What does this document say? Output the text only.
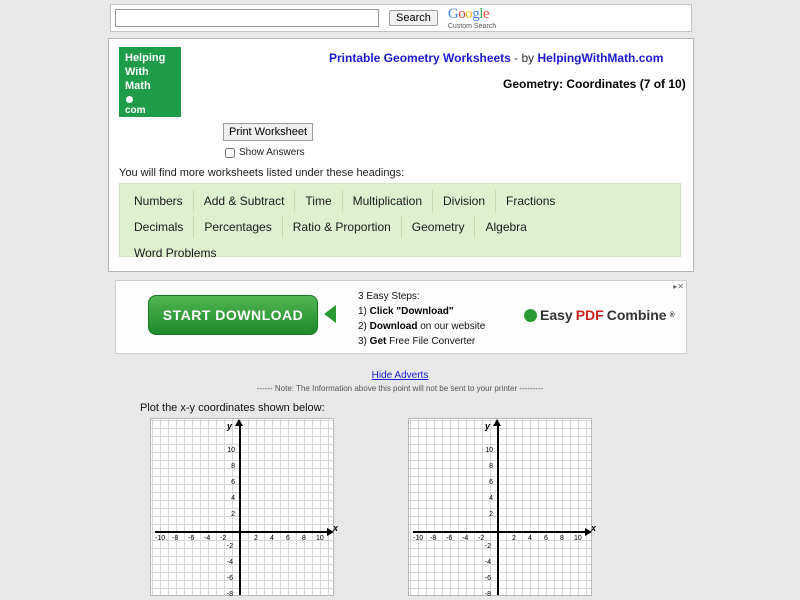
Search	Google
Custom Search
Helping
With
Math
com
Printable Geometry Worksheets - by HelpingWithMath.com
Geometry: Coordinates (7 of 10)
Print Worksheet
Show Answers
You will find more worksheets listed under these headings:
Numbers Add & Subtract Time Multiplication Division Fractions
Decimals Percentages Ratio & Proportion Geometry Algebra
Word Problems
▸✕
START DOWNLOAD
3 Easy Steps:
1) Click "Download"
2) Download on our website
3) Get Free File Converter
Easy PDF Combine ®
Hide Adverts
------ Note: The Information above this point will not be sent to your printer ---------
Plot the x-y coordinates shown below:
y
x
-10 -8 -6 -4 -2	2 4 6 8 10
10
8
6
4
2
-2
-4
-6
-8
y
x
-10 -8 -6 -4 -2	2 4 6 8 10
10
8
6
4
2
-2
-4
-6
-8
